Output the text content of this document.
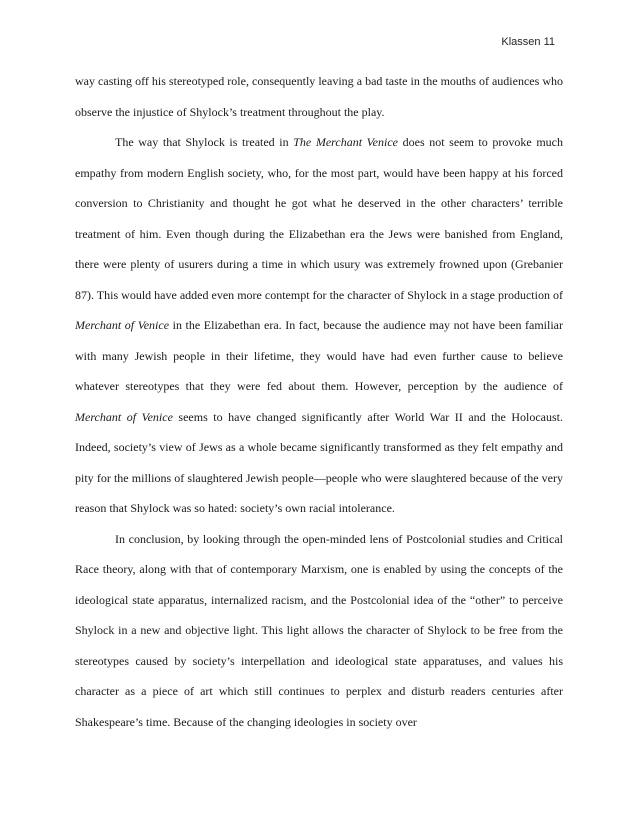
Klassen 11

way casting off his stereotyped role, consequently leaving a bad taste in the mouths of audiences who observe the injustice of Shylock’s treatment throughout the play.

The way that Shylock is treated in The Merchant Venice does not seem to provoke much empathy from modern English society, who, for the most part, would have been happy at his forced conversion to Christianity and thought he got what he deserved in the other characters’ terrible treatment of him. Even though during the Elizabethan era the Jews were banished from England, there were plenty of usurers during a time in which usury was extremely frowned upon (Grebanier 87). This would have added even more contempt for the character of Shylock in a stage production of Merchant of Venice in the Elizabethan era. In fact, because the audience may not have been familiar with many Jewish people in their lifetime, they would have had even further cause to believe whatever stereotypes that they were fed about them. However, perception by the audience of Merchant of Venice seems to have changed significantly after World War II and the Holocaust. Indeed, society’s view of Jews as a whole became significantly transformed as they felt empathy and pity for the millions of slaughtered Jewish people—people who were slaughtered because of the very reason that Shylock was so hated: society’s own racial intolerance.

In conclusion, by looking through the open-minded lens of Postcolonial studies and Critical Race theory, along with that of contemporary Marxism, one is enabled by using the concepts of the ideological state apparatus, internalized racism, and the Postcolonial idea of the “other” to perceive Shylock in a new and objective light. This light allows the character of Shylock to be free from the stereotypes caused by society’s interpellation and ideological state apparatuses, and values his character as a piece of art which still continues to perplex and disturb readers centuries after Shakespeare’s time. Because of the changing ideologies in society over
